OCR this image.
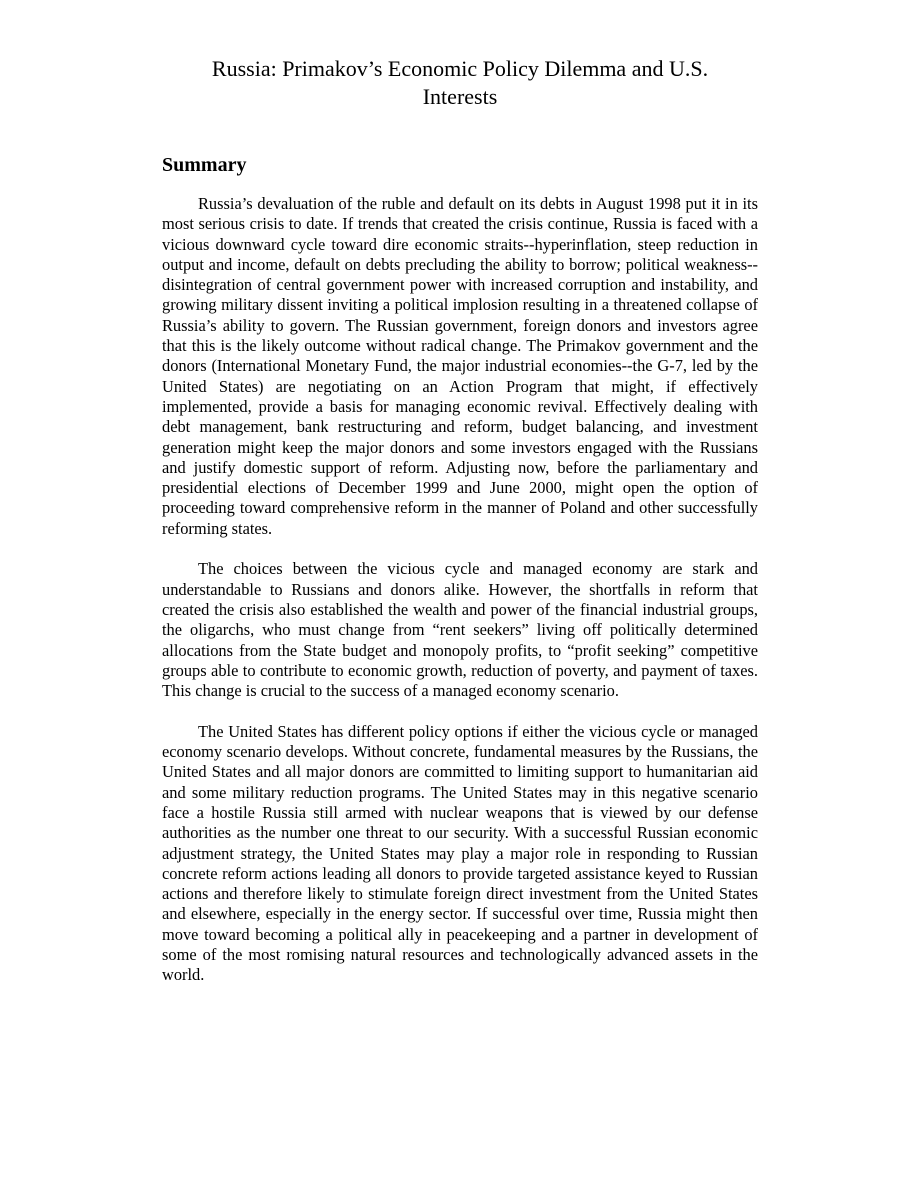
Russia: Primakov’s Economic Policy Dilemma and U.S. Interests
Summary

Russia’s devaluation of the ruble and default on its debts in August 1998 put it in its most serious crisis to date. If trends that created the crisis continue, Russia is faced with a vicious downward cycle toward dire economic straits--hyperinflation, steep reduction in output and income, default on debts precluding the ability to borrow; political weakness--disintegration of central government power with increased corruption and instability, and growing military dissent inviting a political implosion resulting in a threatened collapse of Russia’s ability to govern. The Russian government, foreign donors and investors agree that this is the likely outcome without radical change. The Primakov government and the donors (International Monetary Fund, the major industrial economies--the G-7, led by the United States) are negotiating on an Action Program that might, if effectively implemented, provide a basis for managing economic revival. Effectively dealing with debt management, bank restructuring and reform, budget balancing, and investment generation might keep the major donors and some investors engaged with the Russians and justify domestic support of reform. Adjusting now, before the parliamentary and presidential elections of December 1999 and June 2000, might open the option of proceeding toward comprehensive reform in the manner of Poland and other successfully reforming states.

The choices between the vicious cycle and managed economy are stark and understandable to Russians and donors alike. However, the shortfalls in reform that created the crisis also established the wealth and power of the financial industrial groups, the oligarchs, who must change from “rent seekers” living off politically determined allocations from the State budget and monopoly profits, to “profit seeking” competitive groups able to contribute to economic growth, reduction of poverty, and payment of taxes. This change is crucial to the success of a managed economy scenario.

The United States has different policy options if either the vicious cycle or managed economy scenario develops. Without concrete, fundamental measures by the Russians, the United States and all major donors are committed to limiting support to humanitarian aid and some military reduction programs. The United States may in this negative scenario face a hostile Russia still armed with nuclear weapons that is viewed by our defense authorities as the number one threat to our security. With a successful Russian economic adjustment strategy, the United States may play a major role in responding to Russian concrete reform actions leading all donors to provide targeted assistance keyed to Russian actions and therefore likely to stimulate foreign direct investment from the United States and elsewhere, especially in the energy sector. If successful over time, Russia might then move toward becoming a political ally in peacekeeping and a partner in development of some of the most romising natural resources and technologically advanced assets in the world.
